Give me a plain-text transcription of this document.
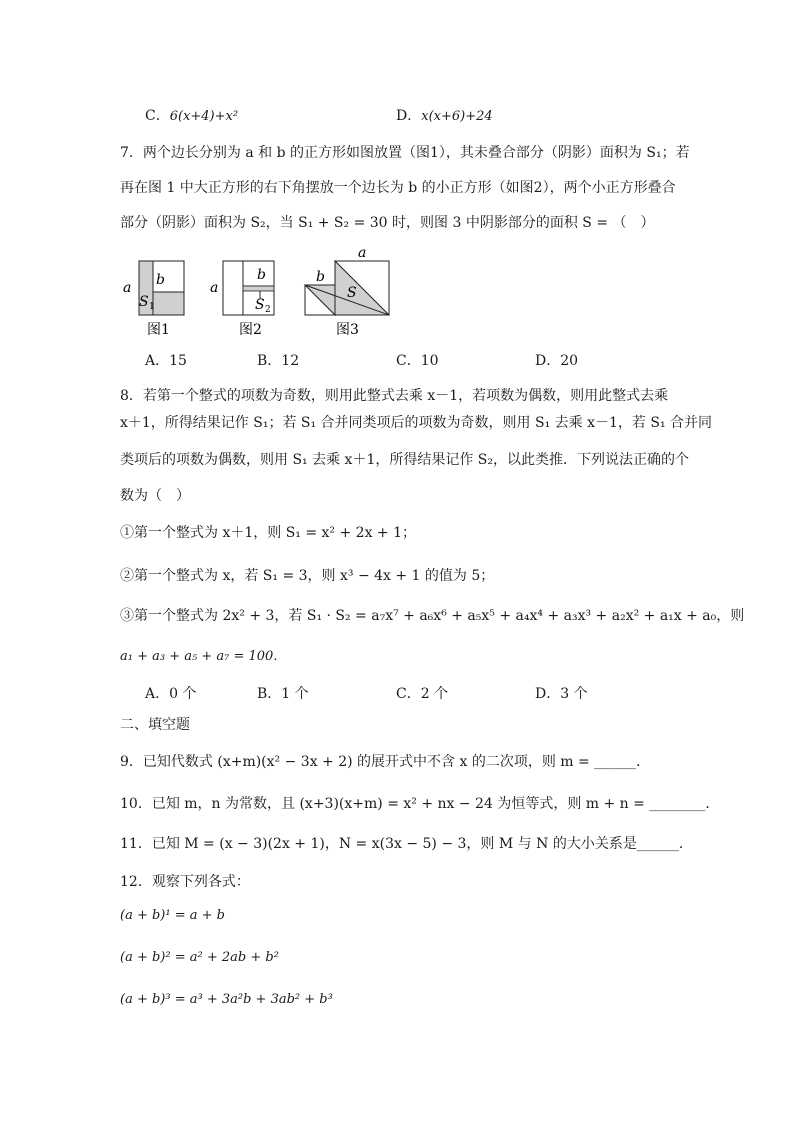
C．6(x+4)+x²	D．x(x+6)+24
7．两个边长分别为 a 和 b 的正方形如图放置（图1），其未叠合部分（阴影）面积为 S₁；若
再在图 1 中大正方形的右下角摆放一个边长为 b 的小正方形（如图2），两个小正方形叠合
部分（阴影）面积为 S₂，当 S₁ + S₂ = 30 时，则图 3 中阴影部分的面积 S = （　）
a b
S 1
图1
a
b
S 2
图2
a
b
S
图3
A．15	B．12	C．10	D．20
8．若第一个整式的项数为奇数，则用此整式去乘 x－1，若项数为偶数，则用此整式去乘
x＋1，所得结果记作 S₁；若 S₁ 合并同类项后的项数为奇数，则用 S₁ 去乘 x－1，若 S₁ 合并同
类项后的项数为偶数，则用 S₁ 去乘 x＋1，所得结果记作 S₂，以此类推．下列说法正确的个
数为（　）
①第一个整式为 x＋1，则 S₁ = x² + 2x + 1；
②第一个整式为 x，若 S₁ = 3，则 x³ − 4x + 1 的值为 5；
③第一个整式为 2x² + 3，若 S₁ · S₂ = a₇x⁷ + a₆x⁶ + a₅x⁵ + a₄x⁴ + a₃x³ + a₂x² + a₁x + a₀，则
a₁ + a₃ + a₅ + a₇ = 100．
A．0 个	B．1 个	C．2 个	D．3 个
二、填空题
9．已知代数式 (x+m)(x² − 3x + 2) 的展开式中不含 x 的二次项，则 m = ______．
10．已知 m，n 为常数，且 (x+3)(x+m) = x² + nx − 24 为恒等式，则 m + n = ________．
11．已知 M = (x − 3)(2x + 1)，N = x(3x − 5) − 3，则 M 与 N 的大小关系是______．
12．观察下列各式：
(a + b)¹ = a + b
(a + b)² = a² + 2ab + b²
(a + b)³ = a³ + 3a²b + 3ab² + b³
